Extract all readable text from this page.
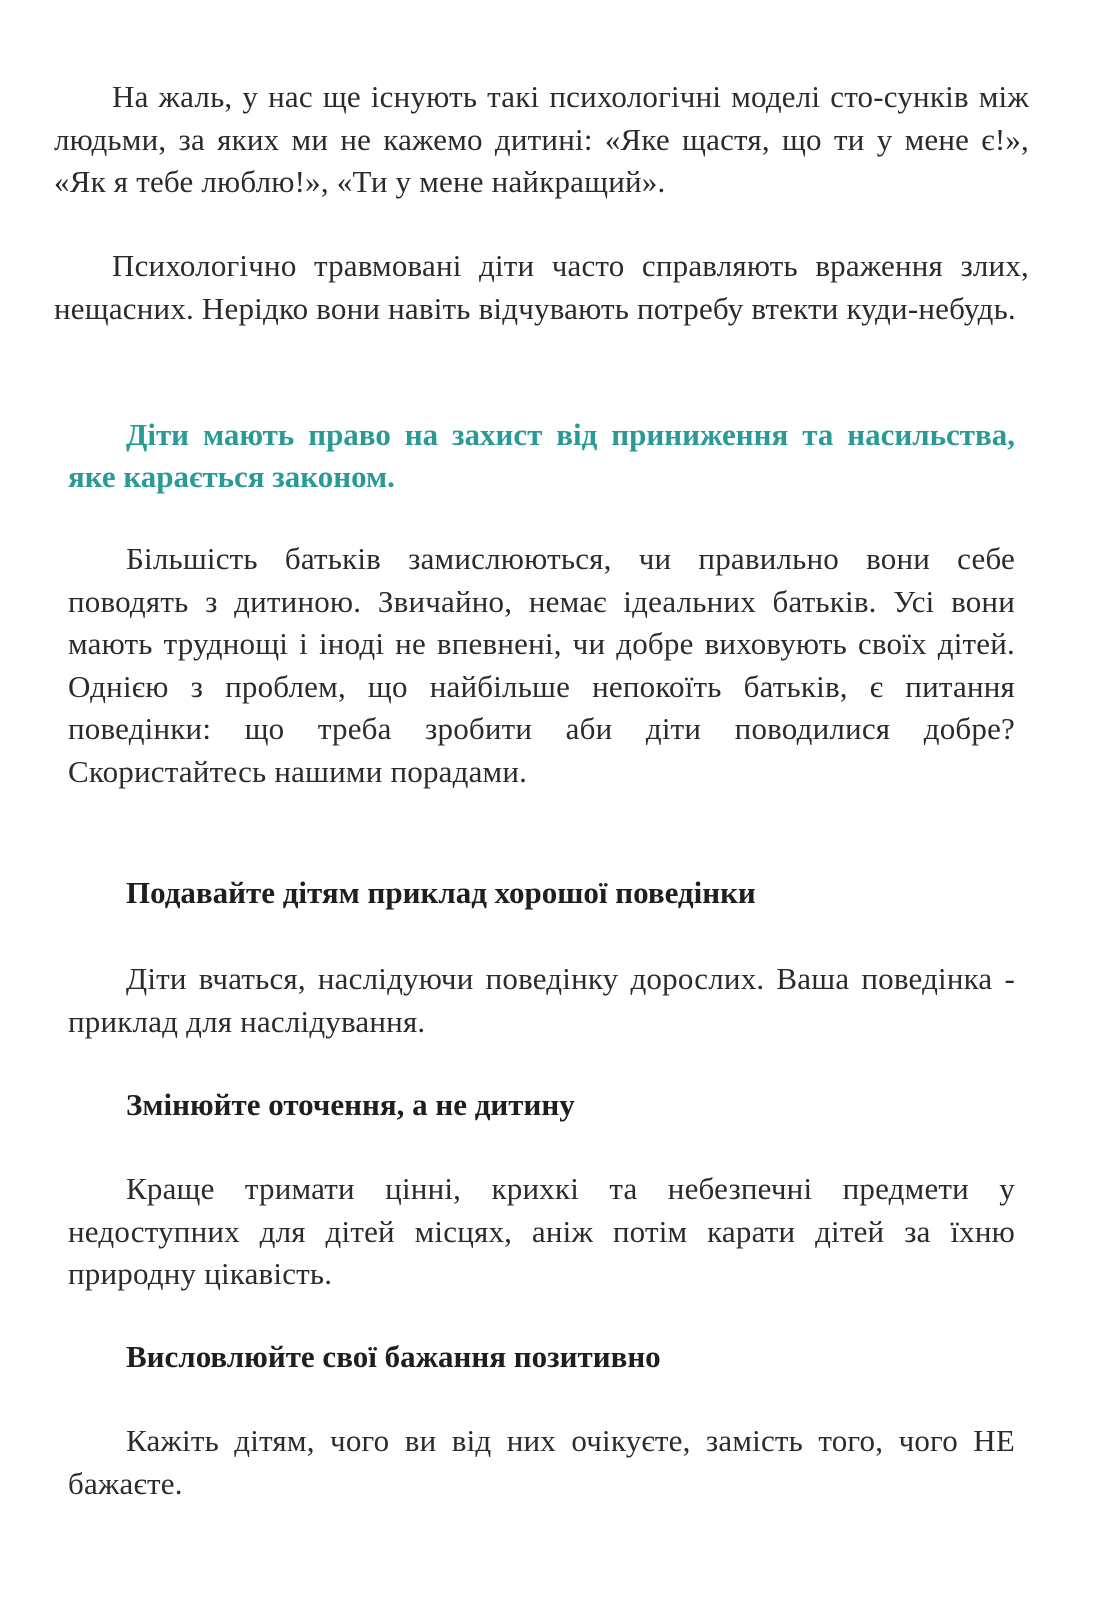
На жаль, у нас ще існують такі психологічні моделі сто-сунків між людьми, за яких ми не кажемо дитині: «Яке щастя, що ти у мене є!», «Як я тебе люблю!», «Ти у мене найкращий».

Психологічно травмовані діти часто справляють враження злих, нещасних. Нерідко вони навіть відчувають потребу втекти куди-небудь.

Діти мають право на захист від приниження та насильства, яке карається законом.

Більшість батьків замислюються, чи правильно вони себе поводять з дитиною. Звичайно, немає ідеальних батьків. Усі вони мають труднощі і іноді не впевнені, чи добре виховують своїх дітей. Однією з проблем, що найбільше непокоїть батьків, є питання поведінки: що треба зробити аби діти поводилися добре? Скористайтесь нашими порадами.

Подавайте дітям приклад хорошої поведінки

Діти вчаться, наслідуючи поведінку дорослих. Ваша поведінка - приклад для наслідування.

Змінюйте оточення, а не дитину

Краще тримати цінні, крихкі та небезпечні предмети у недоступних для дітей місцях, аніж потім карати дітей за їхню природну цікавість.

Висловлюйте свої бажання позитивно

Кажіть дітям, чого ви від них очікуєте, замість того, чого НЕ бажаєте.
